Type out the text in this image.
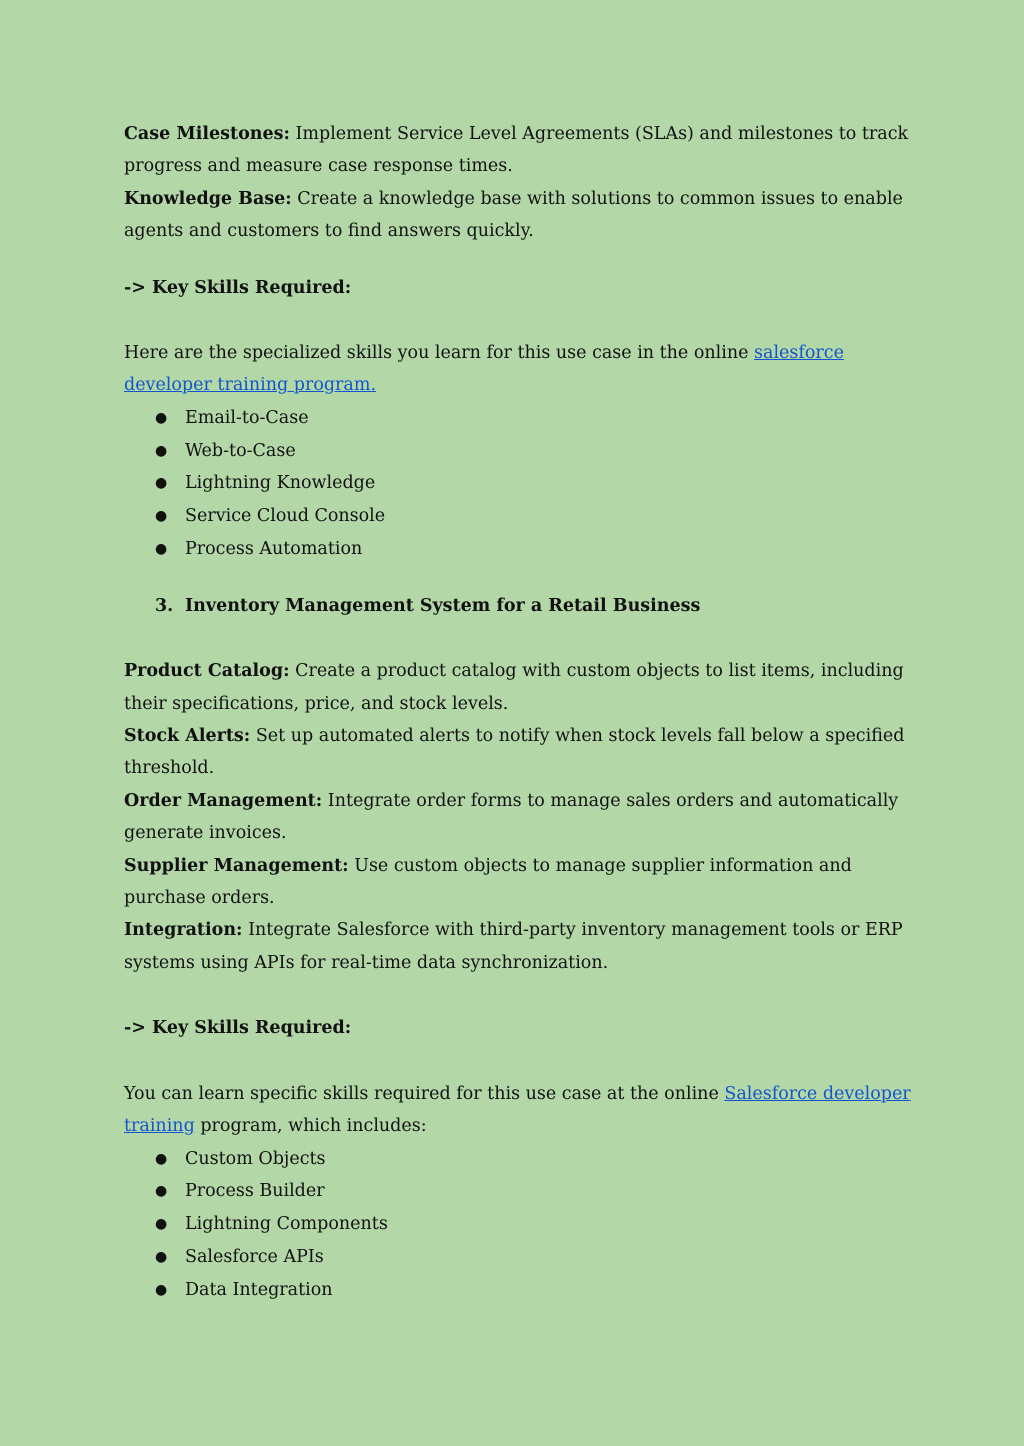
Case Milestones: Implement Service Level Agreements (SLAs) and milestones to track progress and measure case response times.

Knowledge Base: Create a knowledge base with solutions to common issues to enable agents and customers to find answers quickly.

-> Key Skills Required:

Here are the specialized skills you learn for this use case in the online salesforce developer training program.

● Email-to-Case
● Web-to-Case
● Lightning Knowledge
● Service Cloud Console
● Process Automation

3. Inventory Management System for a Retail Business

Product Catalog: Create a product catalog with custom objects to list items, including their specifications, price, and stock levels.

Stock Alerts: Set up automated alerts to notify when stock levels fall below a specified threshold.

Order Management: Integrate order forms to manage sales orders and automatically generate invoices.

Supplier Management: Use custom objects to manage supplier information and purchase orders.

Integration: Integrate Salesforce with third-party inventory management tools or ERP systems using APIs for real-time data synchronization.

-> Key Skills Required:

You can learn specific skills required for this use case at the online Salesforce developer training program, which includes:

● Custom Objects
● Process Builder
● Lightning Components
● Salesforce APIs
● Data Integration
